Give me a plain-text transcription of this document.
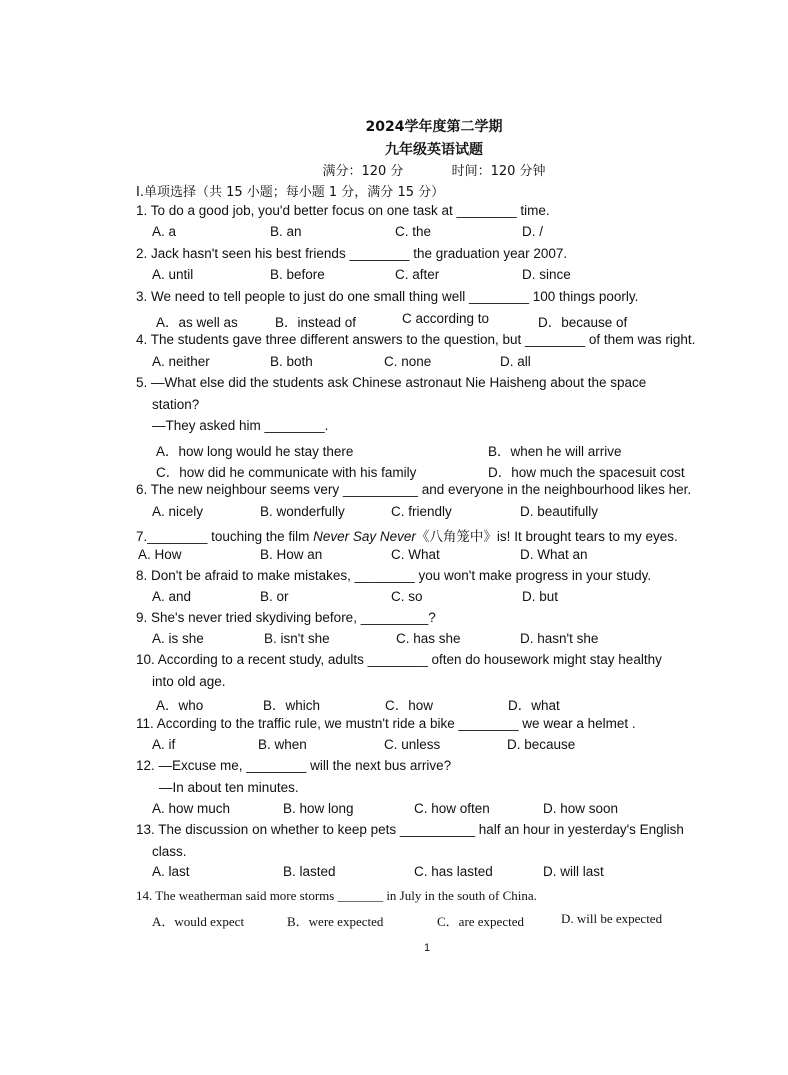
2024学年度第二学期
九年级英语试题
满分：120 分	时间：120 分钟
I.单项选择（共 15 小题；每小题 1 分，满分 15 分）
1. To do a good job, you'd better focus on one task at ________ time.
A. a	B. an	C. the	D. /
2. Jack hasn't seen his best friends ________ the graduation year 2007.
A. until	B. before	C. after	D. since
3. We need to tell people to just do one small thing well ________ 100 things poorly.
A．as well as	B．instead of	C according to	D．because of
4. The students gave three different answers to the question, but ________ of them was right.
A. neither	B. both	C. none	D. all
5. —What else did the students ask Chinese astronaut Nie Haisheng about the space
station?
—They asked him ________.
A．how long would he stay there	B．when he will arrive
C．how did he communicate with his family	D．how much the spacesuit cost
6. The new neighbour seems very __________ and everyone in the neighbourhood likes her.
A. nicely	B. wonderfully	C. friendly	D. beautifully
7.________ touching the film Never Say Never《八角笼中》is! It brought tears to my eyes.
A. How	B. How an	C. What	D. What an
8. Don't be afraid to make mistakes, ________ you won't make progress in your study.
A. and	B. or	C. so	D. but
9. She's never tried skydiving before, _________?
A. is she	B. isn't she	C. has she	D. hasn't she
10. According to a recent study, adults ________ often do housework might stay healthy
into old age.
A．who	B．which	C．how	D．what
11. According to the traffic rule, we mustn't ride a bike ________ we wear a helmet .
A. if	B. when	C. unless	D. because
12. —Excuse me, ________ will the next bus arrive?
—In about ten minutes.
A. how much	B. how long	C. how often	D. how soon
13. The discussion on whether to keep pets __________ half an hour in yesterday's English
class.
A. last	B. lasted	C. has lasted	D. will last
14. The weatherman said more storms _______ in July in the south of China.
A．would expect	B．were expected	C．are expected	D. will be expected
1
